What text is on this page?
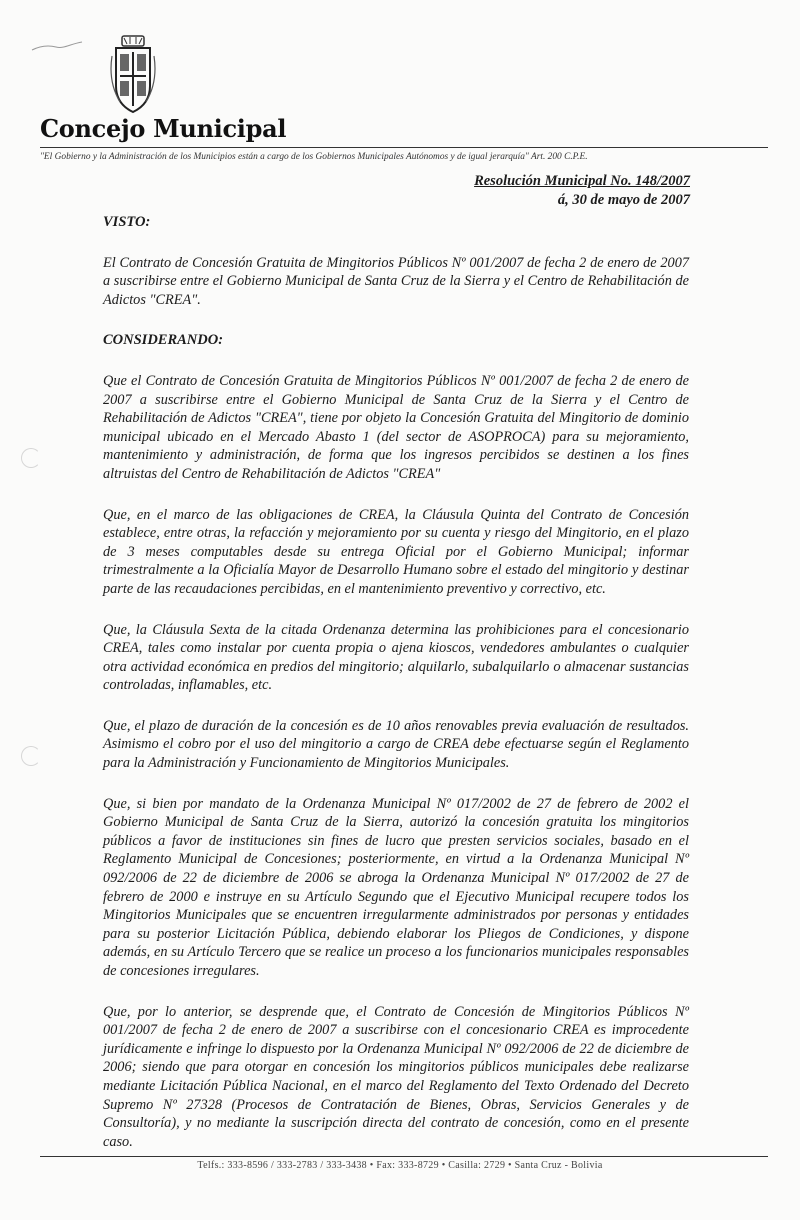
Concejo Municipal
"El Gobierno y la Administración de los Municipios están a cargo de los Gobiernos Municipales Autónomos y de igual jerarquía" Art. 200 C.P.E.
Resolución Municipal No. 148/2007
á, 30 de mayo de 2007
VISTO:

El Contrato de Concesión Gratuita de Mingitorios Públicos Nº 001/2007 de fecha 2 de enero de 2007 a suscribirse entre el Gobierno Municipal de Santa Cruz de la Sierra y el Centro de Rehabilitación de Adictos "CREA".

CONSIDERANDO:

Que el Contrato de Concesión Gratuita de Mingitorios Públicos Nº 001/2007 de fecha 2 de enero de 2007 a suscribirse entre el Gobierno Municipal de Santa Cruz de la Sierra y el Centro de Rehabilitación de Adictos "CREA", tiene por objeto la Concesión Gratuita del Mingitorio de dominio municipal ubicado en el Mercado Abasto 1 (del sector de ASOPROCA) para su mejoramiento, mantenimiento y administración, de forma que los ingresos percibidos se destinen a los fines altruistas del Centro de Rehabilitación de Adictos "CREA"

Que, en el marco de las obligaciones de CREA, la Cláusula Quinta del Contrato de Concesión establece, entre otras, la refacción y mejoramiento por su cuenta y riesgo del Mingitorio, en el plazo de 3 meses computables desde su entrega Oficial por el Gobierno Municipal; informar trimestralmente a la Oficialía Mayor de Desarrollo Humano sobre el estado del mingitorio y destinar parte de las recaudaciones percibidas, en el mantenimiento preventivo y correctivo, etc.

Que, la Cláusula Sexta de la citada Ordenanza determina las prohibiciones para el concesionario CREA, tales como instalar por cuenta propia o ajena kioscos, vendedores ambulantes o cualquier otra actividad económica en predios del mingitorio; alquilarlo, subalquilarlo o almacenar sustancias controladas, inflamables, etc.

Que, el plazo de duración de la concesión es de 10 años renovables previa evaluación de resultados. Asimismo el cobro por el uso del mingitorio a cargo de CREA debe efectuarse según el Reglamento para la Administración y Funcionamiento de Mingitorios Municipales.

Que, si bien por mandato de la Ordenanza Municipal Nº 017/2002 de 27 de febrero de 2002 el Gobierno Municipal de Santa Cruz de la Sierra, autorizó la concesión gratuita los mingitorios públicos a favor de instituciones sin fines de lucro que presten servicios sociales, basado en el Reglamento Municipal de Concesiones; posteriormente, en virtud a la Ordenanza Municipal Nº 092/2006 de 22 de diciembre de 2006 se abroga la Ordenanza Municipal Nº 017/2002 de 27 de febrero de 2000 e instruye en su Artículo Segundo que el Ejecutivo Municipal recupere todos los Mingitorios Municipales que se encuentren irregularmente administrados por personas y entidades para su posterior Licitación Pública, debiendo elaborar los Pliegos de Condiciones, y dispone además, en su Artículo Tercero que se realice un proceso a los funcionarios municipales responsables de concesiones irregulares.

Que, por lo anterior, se desprende que, el Contrato de Concesión de Mingitorios Públicos Nº 001/2007 de fecha 2 de enero de 2007 a suscribirse con el concesionario CREA es improcedente jurídicamente e infringe lo dispuesto por la Ordenanza Municipal Nº 092/2006 de 22 de diciembre de 2006; siendo que para otorgar en concesión los mingitorios públicos municipales debe realizarse mediante Licitación Pública Nacional, en el marco del Reglamento del Texto Ordenado del Decreto Supremo Nº 27328 (Procesos de Contratación de Bienes, Obras, Servicios Generales y de Consultoría), y no mediante la suscripción directa del contrato de concesión, como en el presente caso.

Telfs.: 333-8596 / 333-2783 / 333-3438 • Fax: 333-8729 • Casilla: 2729 • Santa Cruz - Bolivia
